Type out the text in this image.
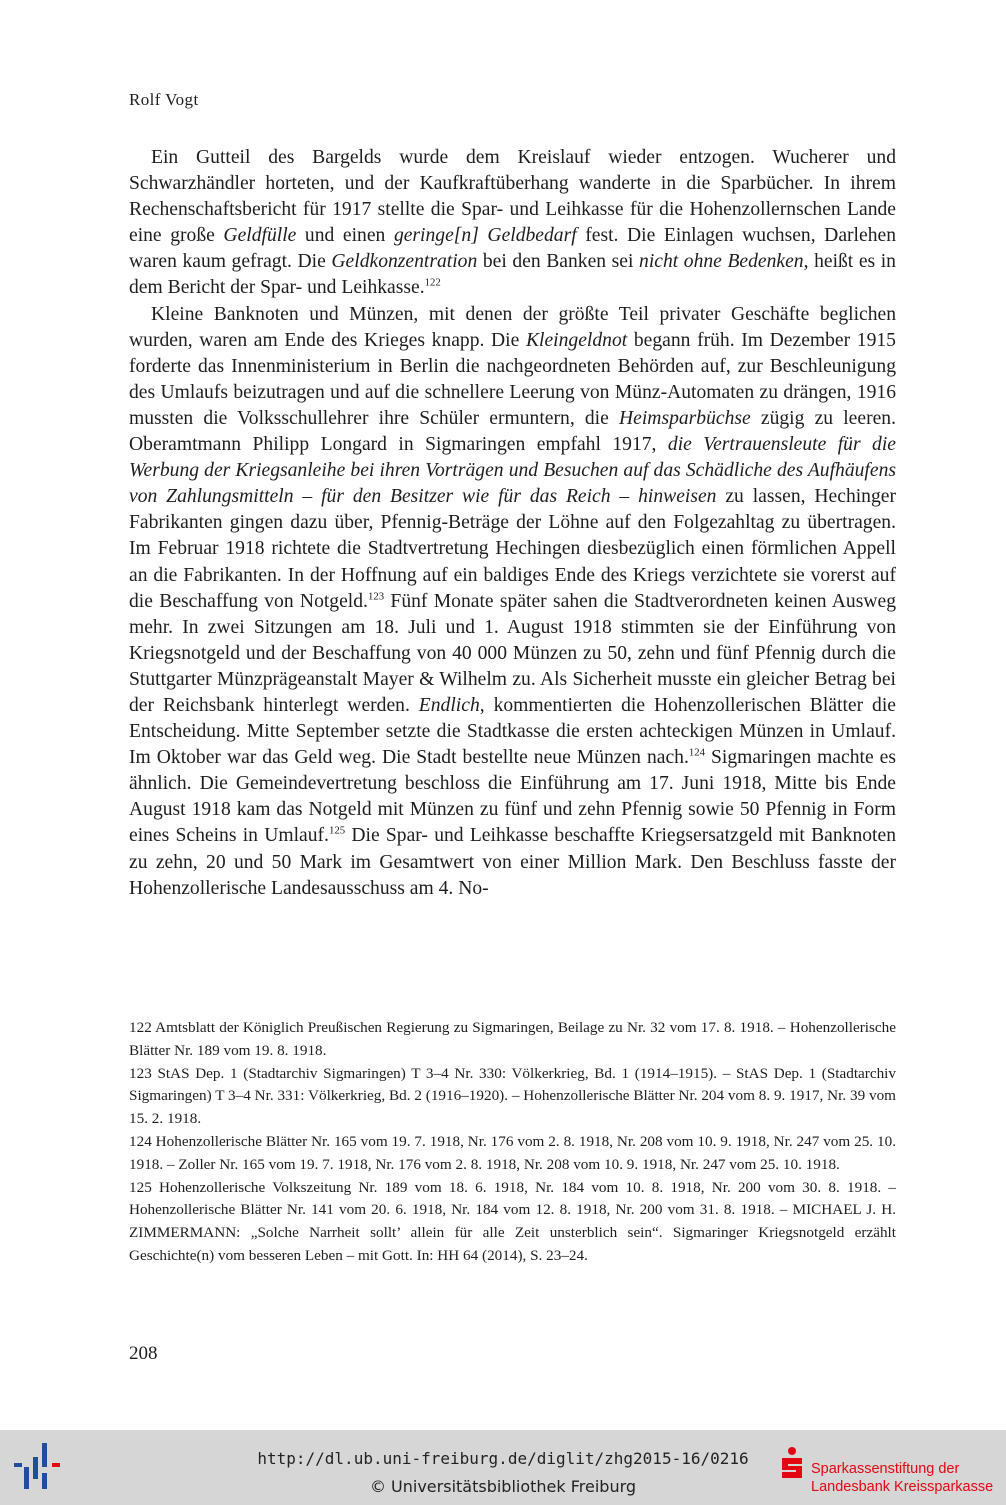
Rolf Vogt

Ein Gutteil des Bargelds wurde dem Kreislauf wieder entzogen. Wucherer und Schwarzhändler horteten, und der Kaufkraftüberhang wanderte in die Sparbücher. In ihrem Rechenschaftsbericht für 1917 stellte die Spar- und Leihkasse für die Hohenzollernschen Lande eine große Geldfülle und einen geringe[n] Geldbedarf fest. Die Einlagen wuchsen, Darlehen waren kaum gefragt. Die Geldkonzentration bei den Banken sei nicht ohne Bedenken, heißt es in dem Bericht der Spar- und Leihkasse.$^{122}$

Kleine Banknoten und Münzen, mit denen der größte Teil privater Geschäfte beglichen wurden, waren am Ende des Krieges knapp. Die Kleingeldnot begann früh. Im Dezember 1915 forderte das Innenministerium in Berlin die nachgeordneten Behörden auf, zur Beschleunigung des Umlaufs beizutragen und auf die schnellere Leerung von Münz-Automaten zu drängen, 1916 mussten die Volksschullehrer ihre Schüler ermuntern, die Heimsparbüchse zügig zu leeren. Oberamtmann Philipp Longard in Sigmaringen empfahl 1917, die Vertrauensleute für die Werbung der Kriegsanleihe bei ihren Vorträgen und Besuchen auf das Schädliche des Aufhäufens von Zahlungsmitteln – für den Besitzer wie für das Reich – hinweisen zu lassen, Hechinger Fabrikanten gingen dazu über, Pfennig-Beträge der Löhne auf den Folgezahltag zu übertragen. Im Februar 1918 richtete die Stadtvertretung Hechingen diesbezüglich einen förmlichen Appell an die Fabrikanten. In der Hoffnung auf ein baldiges Ende des Kriegs verzichtete sie vorerst auf die Beschaffung von Notgeld.$^{123}$ Fünf Monate später sahen die Stadtverordneten keinen Ausweg mehr. In zwei Sitzungen am 18. Juli und 1. August 1918 stimmten sie der Einführung von Kriegsnotgeld und der Beschaffung von 40 000 Münzen zu 50, zehn und fünf Pfennig durch die Stuttgarter Münzprägeanstalt Mayer & Wilhelm zu. Als Sicherheit musste ein gleicher Betrag bei der Reichsbank hinterlegt werden. Endlich, kommentierten die Hohenzollerischen Blätter die Entscheidung. Mitte September setzte die Stadtkasse die ersten achteckigen Münzen in Umlauf. Im Oktober war das Geld weg. Die Stadt bestellte neue Münzen nach.$^{124}$ Sigmaringen machte es ähnlich. Die Gemeindevertretung beschloss die Einführung am 17. Juni 1918, Mitte bis Ende August 1918 kam das Notgeld mit Münzen zu fünf und zehn Pfennig sowie 50 Pfennig in Form eines Scheins in Umlauf.$^{125}$ Die Spar- und Leihkasse beschaffte Kriegsersatzgeld mit Banknoten zu zehn, 20 und 50 Mark im Gesamtwert von einer Million Mark. Den Beschluss fasste der Hohenzollerische Landesausschuss am 4. No-

122 Amtsblatt der Königlich Preußischen Regierung zu Sigmaringen, Beilage zu Nr. 32 vom 17. 8. 1918. – Hohenzollerische Blätter Nr. 189 vom 19. 8. 1918.

123 StAS Dep. 1 (Stadtarchiv Sigmaringen) T 3–4 Nr. 330: Völkerkrieg, Bd. 1 (1914–1915). – StAS Dep. 1 (Stadtarchiv Sigmaringen) T 3–4 Nr. 331: Völkerkrieg, Bd. 2 (1916–1920). – Hohenzollerische Blätter Nr. 204 vom 8. 9. 1917, Nr. 39 vom 15. 2. 1918.

124 Hohenzollerische Blätter Nr. 165 vom 19. 7. 1918, Nr. 176 vom 2. 8. 1918, Nr. 208 vom 10. 9. 1918, Nr. 247 vom 25. 10. 1918. – Zoller Nr. 165 vom 19. 7. 1918, Nr. 176 vom 2. 8. 1918, Nr. 208 vom 10. 9. 1918, Nr. 247 vom 25. 10. 1918.

125 Hohenzollerische Volkszeitung Nr. 189 vom 18. 6. 1918, Nr. 184 vom 10. 8. 1918, Nr. 200 vom 30. 8. 1918. – Hohenzollerische Blätter Nr. 141 vom 20. 6. 1918, Nr. 184 vom 12. 8. 1918, Nr. 200 vom 31. 8. 1918. – MICHAEL J. H. ZIMMERMANN: „Solche Narrheit sollt’ allein für alle Zeit unsterblich sein“. Sigmaringer Kriegsnotgeld erzählt Geschichte(n) vom besseren Leben – mit Gott. In: HH 64 (2014), S. 23–24.

208
http://dl.ub.uni-freiburg.de/diglit/zhg2015-16/0216
© Universitätsbibliothek Freiburg
Sparkassenstiftung der
Landesbank Kreissparkasse
